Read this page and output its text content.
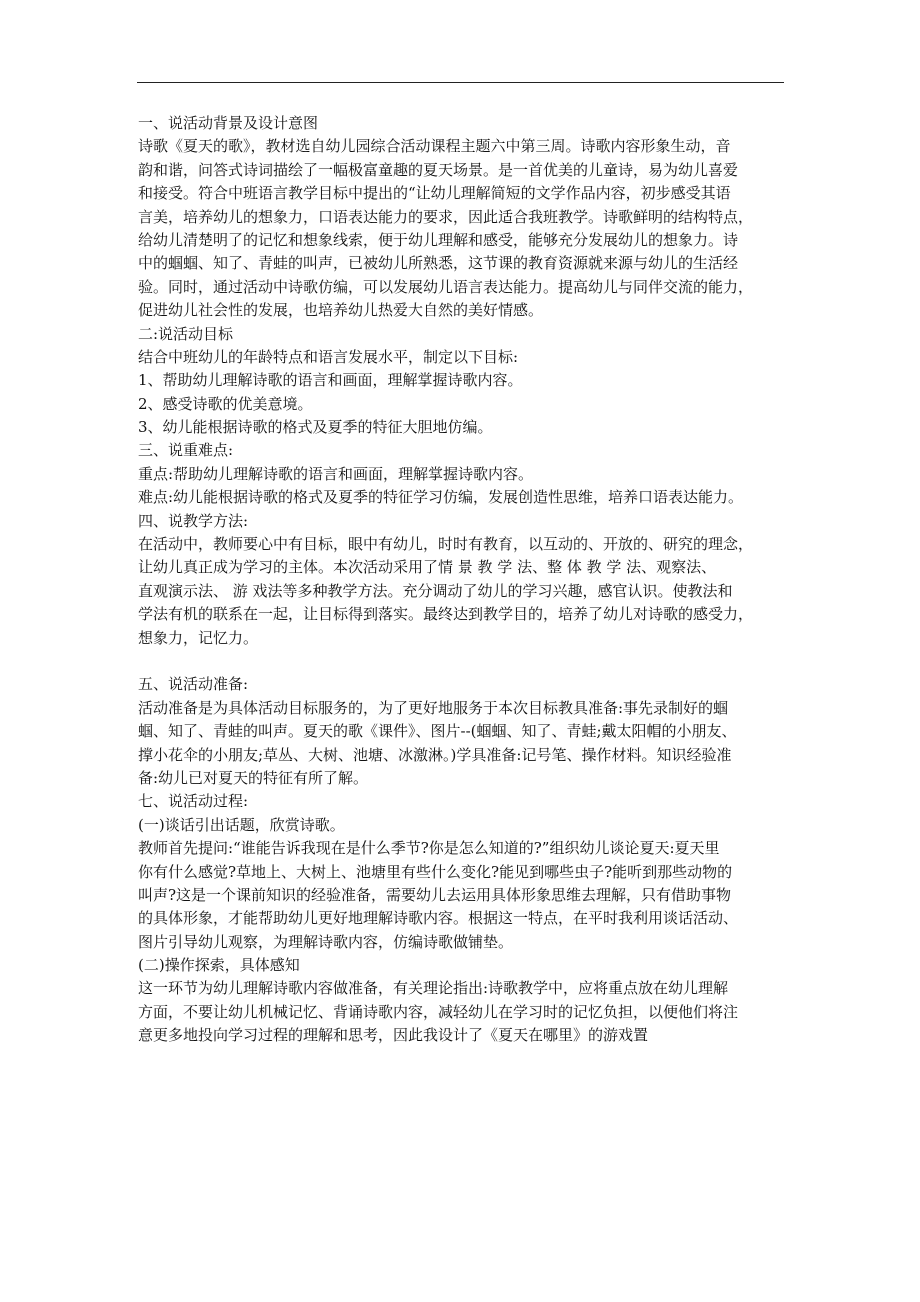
一、说活动背景及设计意图
诗歌《夏天的歌》，教材选自幼儿园综合活动课程主题六中第三周。诗歌内容形象生动，音
韵和谐，问答式诗词描绘了一幅极富童趣的夏天场景。是一首优美的儿童诗，易为幼儿喜爱
和接受。符合中班语言教学目标中提出的“让幼儿理解简短的文学作品内容，初步感受其语
言美，培养幼儿的想象力，口语表达能力的要求，因此适合我班教学。诗歌鲜明的结构特点，
给幼儿清楚明了的记忆和想象线索，便于幼儿理解和感受，能够充分发展幼儿的想象力。诗
中的蝈蝈、知了、青蛙的叫声，已被幼儿所熟悉，这节课的教育资源就来源与幼儿的生活经
验。同时，通过活动中诗歌仿编，可以发展幼儿语言表达能力。提高幼儿与同伴交流的能力，
促进幼儿社会性的发展，也培养幼儿热爱大自然的美好情感。
二:说活动目标
结合中班幼儿的年龄特点和语言发展水平，制定以下目标:
1、帮助幼儿理解诗歌的语言和画面，理解掌握诗歌内容。
2、感受诗歌的优美意境。
3、幼儿能根据诗歌的格式及夏季的特征大胆地仿编。
三、说重难点:
重点:帮助幼儿理解诗歌的语言和画面，理解掌握诗歌内容。
难点:幼儿能根据诗歌的格式及夏季的特征学习仿编，发展创造性思维，培养口语表达能力。
四、说教学方法:
在活动中，教师要心中有目标，眼中有幼儿，时时有教育，以互动的、开放的、研究的理念，
让幼儿真正成为学习的主体。本次活动采用了情 景 教 学 法、整 体 教 学 法、观察法、
直观演示法、 游 戏法等多种教学方法。充分调动了幼儿的学习兴趣，感官认识。使教法和
学法有机的联系在一起，让目标得到落实。最终达到教学目的，培养了幼儿对诗歌的感受力，
想象力，记忆力。
五、说活动准备:
活动准备是为具体活动目标服务的，为了更好地服务于本次目标教具准备:事先录制好的蝈
蝈、知了、青蛙的叫声。夏天的歌《课件》、图片--(蝈蝈、知了、青蛙;戴太阳帽的小朋友、
撑小花伞的小朋友;草丛、大树、池塘、冰激淋。)学具准备:记号笔、操作材料。知识经验准
备:幼儿已对夏天的特征有所了解。
七、说活动过程:
(一)谈话引出话题，欣赏诗歌。
教师首先提问:“谁能告诉我现在是什么季节?你是怎么知道的?”组织幼儿谈论夏天:夏天里
你有什么感觉?草地上、大树上、池塘里有些什么变化?能见到哪些虫子?能听到那些动物的
叫声?这是一个课前知识的经验准备，需要幼儿去运用具体形象思维去理解，只有借助事物
的具体形象，才能帮助幼儿更好地理解诗歌内容。根据这一特点，在平时我利用谈话活动、
图片引导幼儿观察，为理解诗歌内容，仿编诗歌做铺垫。
(二)操作探索，具体感知
这一环节为幼儿理解诗歌内容做准备，有关理论指出:诗歌教学中，应将重点放在幼儿理解
方面，不要让幼儿机械记忆、背诵诗歌内容，减轻幼儿在学习时的记忆负担，以便他们将注
意更多地投向学习过程的理解和思考，因此我设计了《夏天在哪里》的游戏置
